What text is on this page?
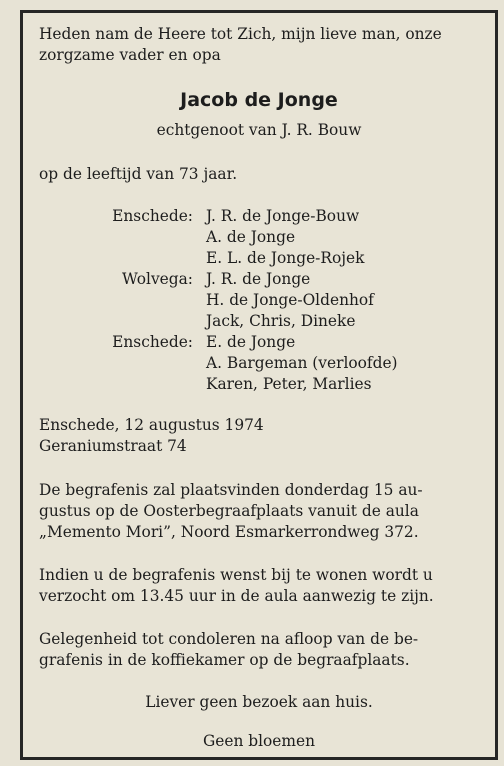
Heden nam de Heere tot Zich, mijn lieve man, onze
zorgzame vader en opa
Jacob de Jonge
echtgenoot van J. R. Bouw
op de leeftijd van 73 jaar.
Enschede: J. R. de Jonge-Bouw
A. de Jonge
E. L. de Jonge-Rojek
Wolvega: J. R. de Jonge
H. de Jonge-Oldenhof
Jack, Chris, Dineke
Enschede: E. de Jonge
A. Bargeman (verloofde)
Karen, Peter, Marlies
Enschede, 12 augustus 1974
Geraniumstraat 74
De begrafenis zal plaatsvinden donderdag 15 au-
gustus op de Oosterbegraafplaats vanuit de aula
„Memento Mori”, Noord Esmarkerrondweg 372.
Indien u de begrafenis wenst bij te wonen wordt u
verzocht om 13.45 uur in de aula aanwezig te zijn.
Gelegenheid tot condoleren na afloop van de be-
grafenis in de koffiekamer op de begraafplaats.
Liever geen bezoek aan huis.
Geen bloemen
